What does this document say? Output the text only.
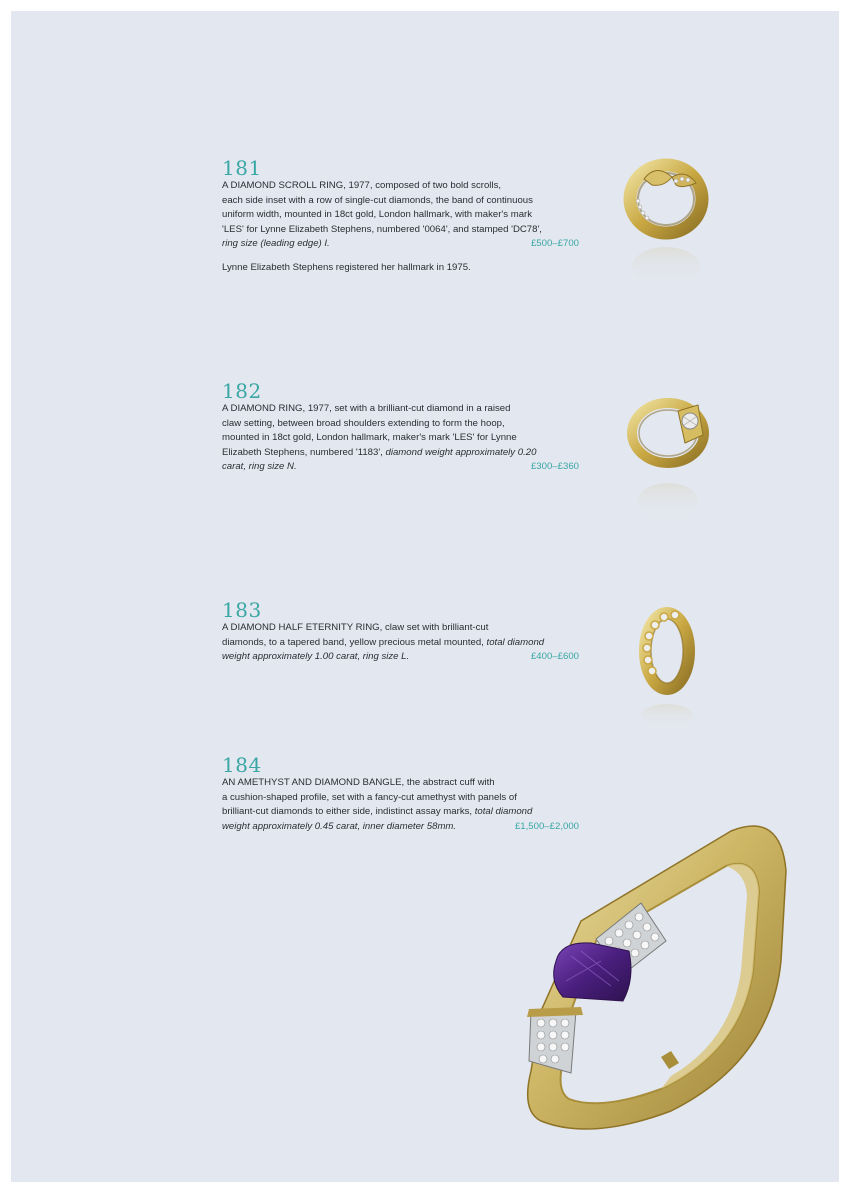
181
A DIAMOND SCROLL RING, 1977, composed of two bold scrolls,
each side inset with a row of single-cut diamonds, the band of continuous
uniform width, mounted in 18ct gold, London hallmark, with maker's mark
'LES' for Lynne Elizabeth Stephens, numbered '0064', and stamped 'DC78',
ring size (leading edge) I.	£500–£700
Lynne Elizabeth Stephens registered her hallmark in 1975.
182
A DIAMOND RING, 1977, set with a brilliant-cut diamond in a raised
claw setting, between broad shoulders extending to form the hoop,
mounted in 18ct gold, London hallmark, maker's mark 'LES' for Lynne
Elizabeth Stephens, numbered '1183', diamond weight approximately 0.20
carat, ring size N.	£300–£360
183
A DIAMOND HALF ETERNITY RING, claw set with brilliant-cut
diamonds, to a tapered band, yellow precious metal mounted, total diamond
weight approximately 1.00 carat, ring size L.	£400–£600
184
AN AMETHYST AND DIAMOND BANGLE, the abstract cuff with
a cushion-shaped profile, set with a fancy-cut amethyst with panels of
brilliant-cut diamonds to either side, indistinct assay marks, total diamond
weight approximately 0.45 carat, inner diameter 58mm.	£1,500–£2,000
